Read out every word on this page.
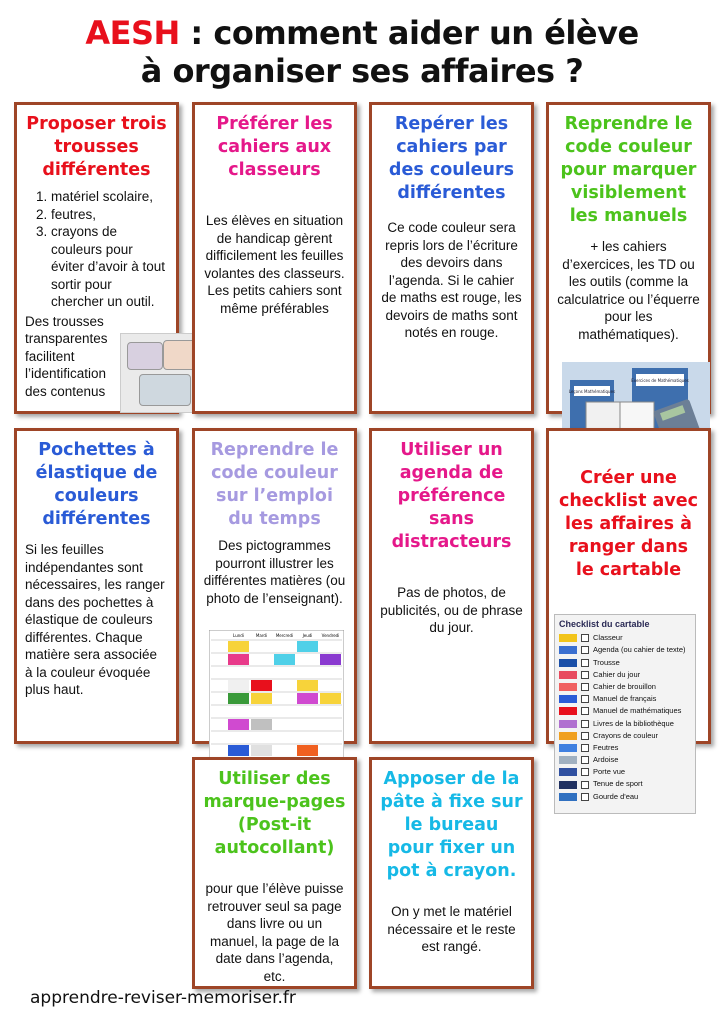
AESH : comment aider un élève
à organiser ses affaires ?
Proposer trois trousses différentes
1. matériel scolaire,
2. feutres,
3. crayons de couleurs pour éviter d’avoir à tout sortir pour chercher un outil.

Des trousses transparentes facilitent l’identification des contenus

Préférer les cahiers aux classeurs

Les élèves en situation de handicap gèrent difficilement les feuilles volantes des classeurs. Les petits cahiers sont même préférables

Repérer les cahiers par des couleurs différentes

Ce code couleur sera repris lors de l’écriture des devoirs dans l’agenda. Si le cahier de maths est rouge, les devoirs de maths sont notés en rouge.

Reprendre le code couleur pour marquer visiblement les manuels

+ les cahiers d’exercices, les TD ou les outils (comme la calculatrice ou l’équerre pour les mathématiques).

Leçons Mathématiques
Exercices de Mathématiques
Pochettes à élastique de couleurs différentes

Si les feuilles indépendantes sont nécessaires, les ranger dans des pochettes à élastique de couleurs différentes. Chaque matière sera associée à la couleur évoquée plus haut.

Reprendre le code couleur sur l’emploi du temps

Des pictogrammes pourront illustrer les différentes matières (ou photo de l’enseignant).

Lundi	Mardi Mercredi Jeudi Vendredi
Utiliser un agenda de préférence sans distracteurs

Pas de photos, de publicités, ou de phrase du jour.

Créer une checklist avec les affaires à ranger dans le cartable
Checklist du cartable
Classeur
Agenda (ou cahier de texte)
Trousse
Cahier du jour
Cahier de brouillon
Manuel de français
Manuel de mathématiques
Livres de la bibliothèque
Crayons de couleur
Feutres
Ardoise
Porte vue
Tenue de sport
Gourde d'eau
Utiliser des marque-pages (Post-it autocollant)

pour que l’élève puisse retrouver seul sa page dans livre ou un manuel, la page de la date dans l’agenda, etc.

Apposer de la pâte à fixe sur le bureau pour fixer un pot à crayon.

On y met le matériel nécessaire et le reste est rangé.

apprendre-reviser-memoriser.fr
